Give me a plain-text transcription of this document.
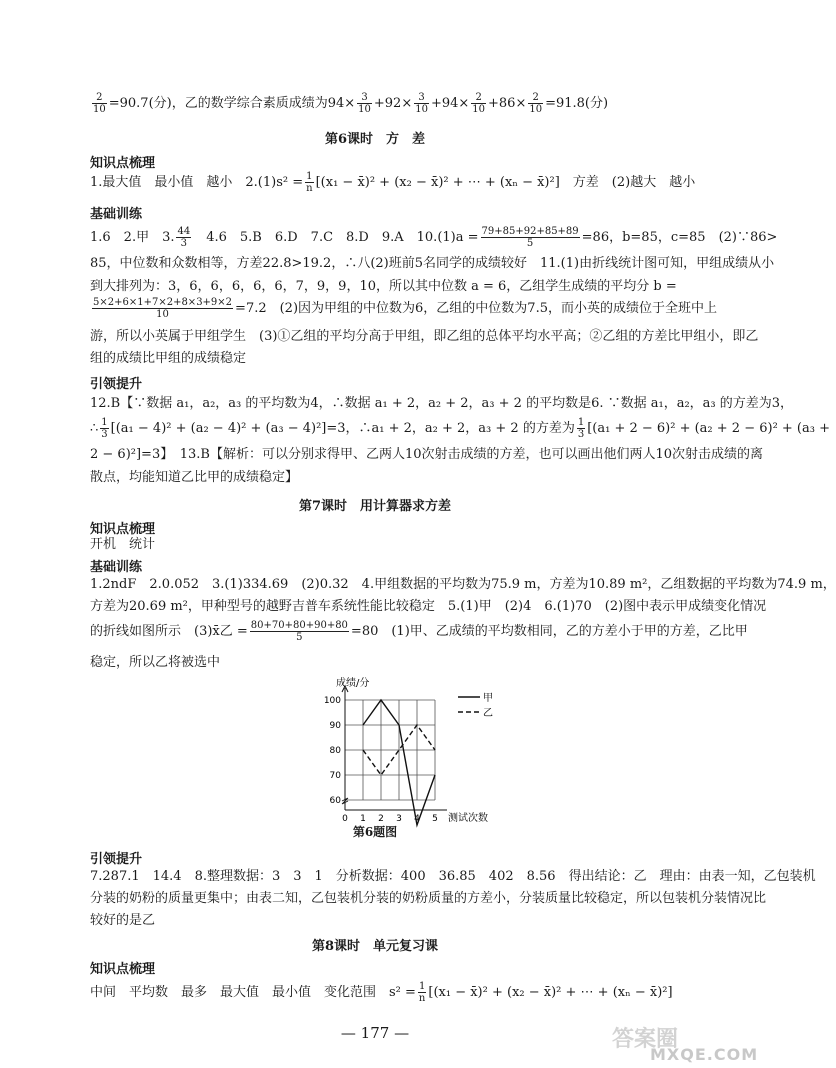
$\frac{2}{10} =90.7$(分)，乙的数学综合素质成绩为$94\times \frac{3}{10} +92\times \frac{3}{10} +94\times \frac{2}{10} +86\times \frac{2}{10} =91.8$(分)
第6课时　方　差
知识点梳理
1.最大值　最小值　越小　$2.(1)s^2 = \frac{1}{n} [(x_1$ − x̄)² + (x₂ − x̄)² + ⋯ + (xₙ − x̄)²]　方差　(2)越大　越小
基础训练
1.6　2.甲　3. $\frac{44}{3}$ 　4.6　5.B　6.D　7.C　8.D　9.A　$10.(1)a = \frac{79+85+92+85+89}{5} =86$，b=85，c=85　(2)∵86>
85，中位数和众数相等，方差22.8>19.2，∴八(2)班前5名同学的成绩较好　11.(1)由折线统计图可知，甲组成绩从小
到大排列为：3，6，6，6，6，6，7，9，9，10，所以其中位数 a = 6，乙组学生成绩的平均分 b =
$\frac{5\times 2+6\times 1+7\times 2+8\times 3+9\times 2}{10} =7.2$　(2)因为甲组的中位数为6，乙组的中位数为7.5，而小英的成绩位于全班中上
游，所以小英属于甲组学生　(3)①乙组的平均分高于甲组，即乙组的总体平均水平高；②乙组的方差比甲组小，即乙
组的成绩比甲组的成绩稳定
引领提升
12.B【∵数据 a₁，a₂，a₃ 的平均数为4，∴数据 a₁ + 2，a₂ + 2，a₃ + 2 的平均数是6. ∵数据 a₁，a₂，a₃ 的方差为3，
∴ $\frac{1}{3} [(a_1 - 4)^2 + (a_2 - 4)^2 + (a_3 - 4)^2]=3$，∴a₁ + 2，a₂ + 2，a₃ + 2 的方差为 $\frac{1}{3} [(a_1 + 2 - 6)^2 + (a_2 + 2 - 6)^2 + (a_3$ +
2 − 6)²]=3】　13.B【解析：可以分别求得甲、乙两人10次射击成绩的方差，也可以画出他们两人10次射击成绩的离
散点，均能知道乙比甲的成绩稳定】
第7课时　用计算器求方差
知识点梳理
开机　统计
基础训练
1.2ndF　2.0.052　3.(1)334.69　(2)0.32　4.甲组数据的平均数为75.9 m，方差为10.89 m²，乙组数据的平均数为74.9 m，
方差为20.69 m²，甲种型号的越野吉普车系统性能比较稳定　5.(1)甲　(2)4　6.(1)70　(2)图中表示甲成绩变化情况
的折线如图所示　(3)x̄乙 = $\frac{80+70+80+90+80}{5} =80$　(1)甲、乙成绩的平均数相同，乙的方差小于甲的方差，乙比甲
稳定，所以乙将被选中
60
70
80
90
100
0 1 2 3 4 5
甲
乙
成绩/分
测试次数
第6题图
引领提升
7.287.1　14.4　8.整理数据：3　3　1　分析数据：400　36.85　402　8.56　得出结论：乙　理由：由表一知，乙包装机
分装的奶粉的质量更集中；由表二知，乙包装机分装的奶粉质量的方差小，分装质量比较稳定，所以包装机分装情况比
较好的是乙
第8课时　单元复习课
知识点梳理
中间　平均数　最多　最大值　最小值　变化范围　$s^2 = \frac{1}{n} [(x_1$ − x̄)² + (x₂ − x̄)² + ⋯ + (xₙ − x̄)²]
— 177 —	答案圈
MXQE.COM
